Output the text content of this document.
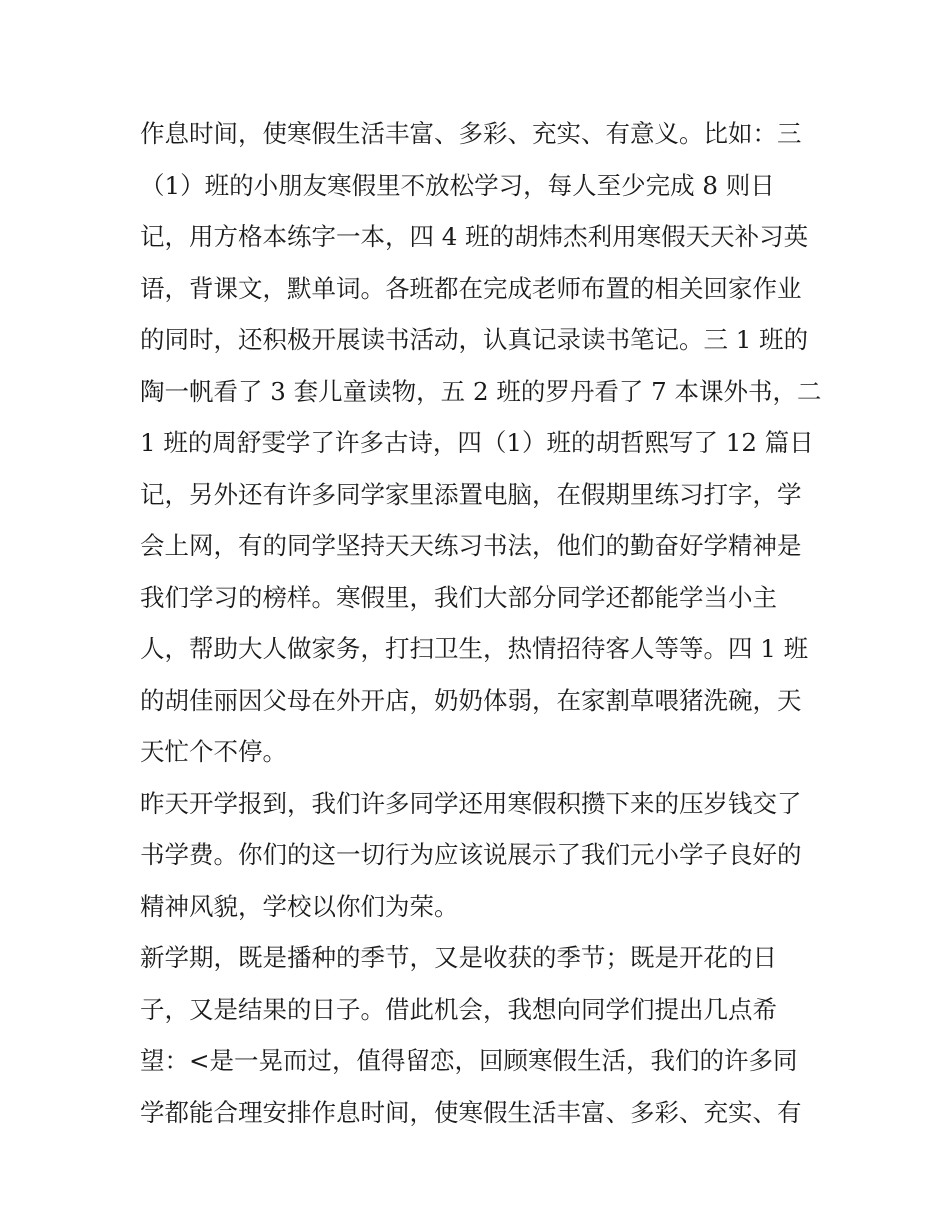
作息时间，使寒假生活丰富、多彩、充实、有意义。比如：三
（1）班的小朋友寒假里不放松学习，每人至少完成 8 则日
记，用方格本练字一本，四 4 班的胡炜杰利用寒假天天补习英
语，背课文，默单词。各班都在完成老师布置的相关回家作业
的同时，还积极开展读书活动，认真记录读书笔记。三 1 班的
陶一帆看了 3 套儿童读物，五 2 班的罗丹看了 7 本课外书，二
1 班的周舒雯学了许多古诗，四（1）班的胡哲熙写了 12 篇日
记，另外还有许多同学家里添置电脑，在假期里练习打字，学
会上网，有的同学坚持天天练习书法，他们的勤奋好学精神是
我们学习的榜样。寒假里，我们大部分同学还都能学当小主
人，帮助大人做家务，打扫卫生，热情招待客人等等。四 1 班
的胡佳丽因父母在外开店，奶奶体弱，在家割草喂猪洗碗，天
天忙个不停。
昨天开学报到，我们许多同学还用寒假积攒下来的压岁钱交了
书学费。你们的这一切行为应该说展示了我们元小学子良好的
精神风貌，学校以你们为荣。
新学期，既是播种的季节，又是收获的季节；既是开花的日
子，又是结果的日子。借此机会，我想向同学们提出几点希
望：<是一晃而过，值得留恋，回顾寒假生活，我们的许多同
学都能合理安排作息时间，使寒假生活丰富、多彩、充实、有
